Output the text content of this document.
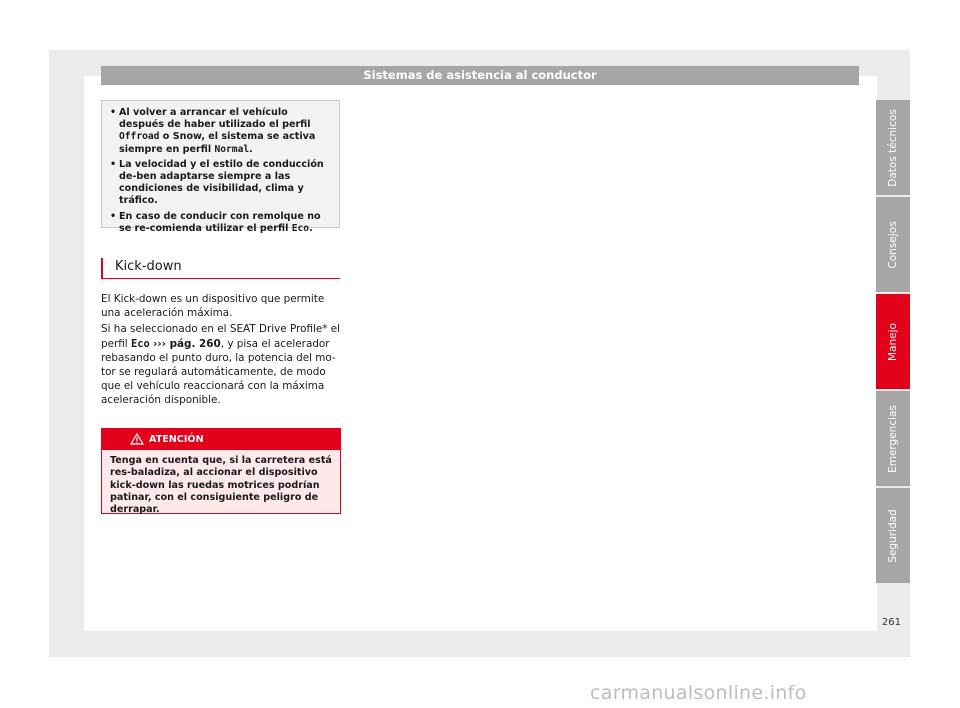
Sistemas de asistencia al conductor
• Al volver a arrancar el vehículo después de haber utilizado el perfil Offroad o Snow, el sistema se activa siempre en perfil Normal.
• La velocidad y el estilo de conducción de-ben adaptarse siempre a las condiciones de visibilidad, clima y tráfico.
• En caso de conducir con remolque no se re-comienda utilizar el perfil Eco.
Kick-down

El Kick-down es un dispositivo que permite una aceleración máxima.

Si ha seleccionado en el SEAT Drive Profile* el perfil Eco ››› pág. 260, y pisa el acelerador rebasando el punto duro, la potencia del mo-tor se regulará automáticamente, de modo que el vehículo reaccionará con la máxima aceleración disponible.

ATENCIÓN
Tenga en cuenta que, si la carretera está res-baladiza, al accionar el dispositivo kick-down las ruedas motrices podrían patinar, con el consiguiente peligro de derrapar.
Datos técnicos
Consejos
Manejo
Emergencias
Seguridad
261
carmanualsonline.info
